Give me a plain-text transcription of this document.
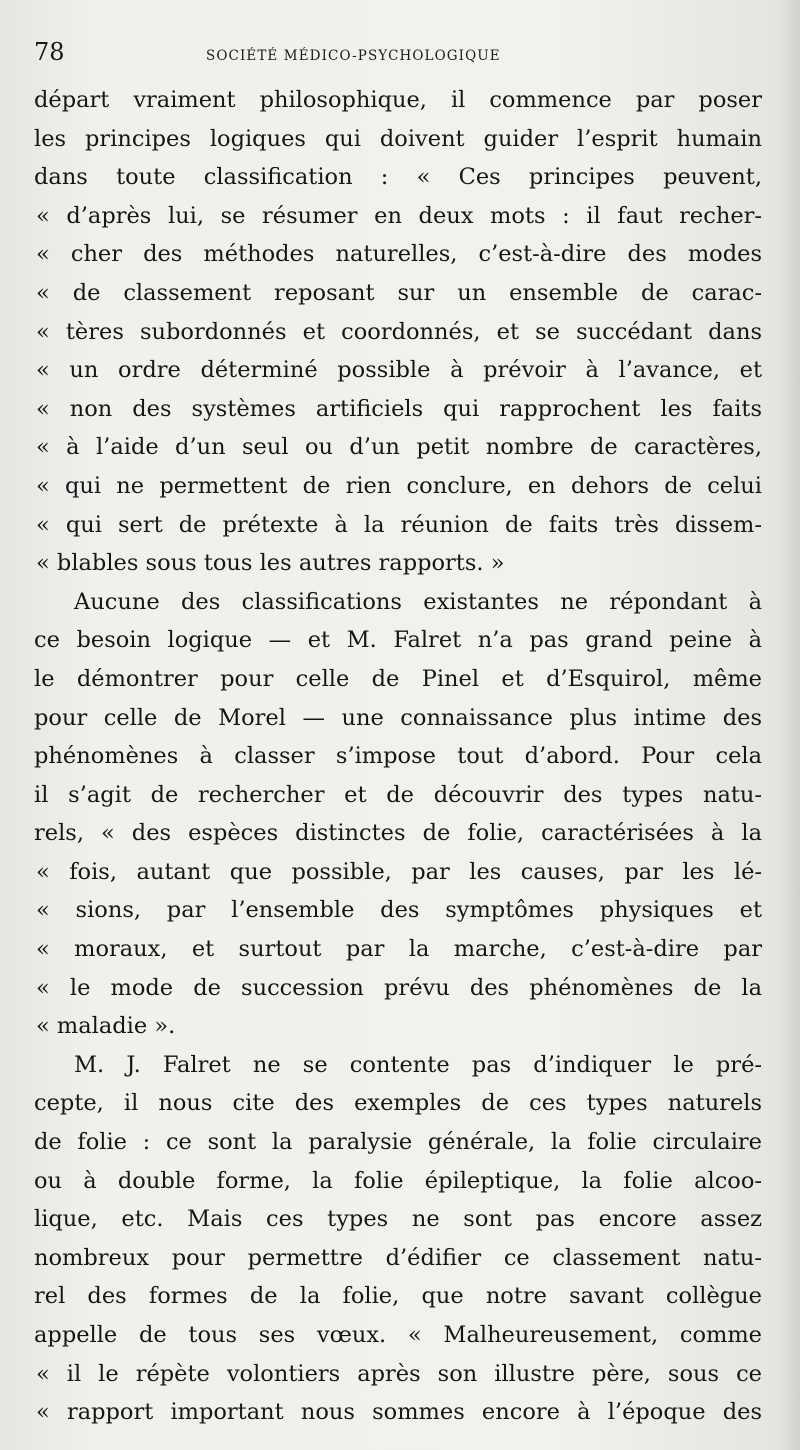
78	SOCIÉTÉ MÉDICO-PSYCHOLOGIQUE
départ vraiment philosophique, il commence par poser
les principes logiques qui doivent guider l’esprit humain
dans toute classification : « Ces principes peuvent,
« d’après lui, se résumer en deux mots : il faut recher-
« cher des méthodes naturelles, c’est-à-dire des modes
« de classement reposant sur un ensemble de carac-
« tères subordonnés et coordonnés, et se succédant dans
« un ordre déterminé possible à prévoir à l’avance, et
« non des systèmes artificiels qui rapprochent les faits
« à l’aide d’un seul ou d’un petit nombre de caractères,
« qui ne permettent de rien conclure, en dehors de celui
« qui sert de prétexte à la réunion de faits très dissem-
« blables sous tous les autres rapports. »
Aucune des classifications existantes ne répondant à
ce besoin logique — et M. Falret n’a pas grand peine à
le démontrer pour celle de Pinel et d’Esquirol, même
pour celle de Morel — une connaissance plus intime des
phénomènes à classer s’impose tout d’abord. Pour cela
il s’agit de rechercher et de découvrir des types natu-
rels, « des espèces distinctes de folie, caractérisées à la
« fois, autant que possible, par les causes, par les lé-
« sions, par l’ensemble des symptômes physiques et
« moraux, et surtout par la marche, c’est-à-dire par
« le mode de succession prévu des phénomènes de la
« maladie ».
M. J. Falret ne se contente pas d’indiquer le pré-
cepte, il nous cite des exemples de ces types naturels
de folie : ce sont la paralysie générale, la folie circulaire
ou à double forme, la folie épileptique, la folie alcoo-
lique, etc. Mais ces types ne sont pas encore assez
nombreux pour permettre d’édifier ce classement natu-
rel des formes de la folie, que notre savant collègue
appelle de tous ses vœux. « Malheureusement, comme
« il le répète volontiers après son illustre père, sous ce
« rapport important nous sommes encore à l’époque des
